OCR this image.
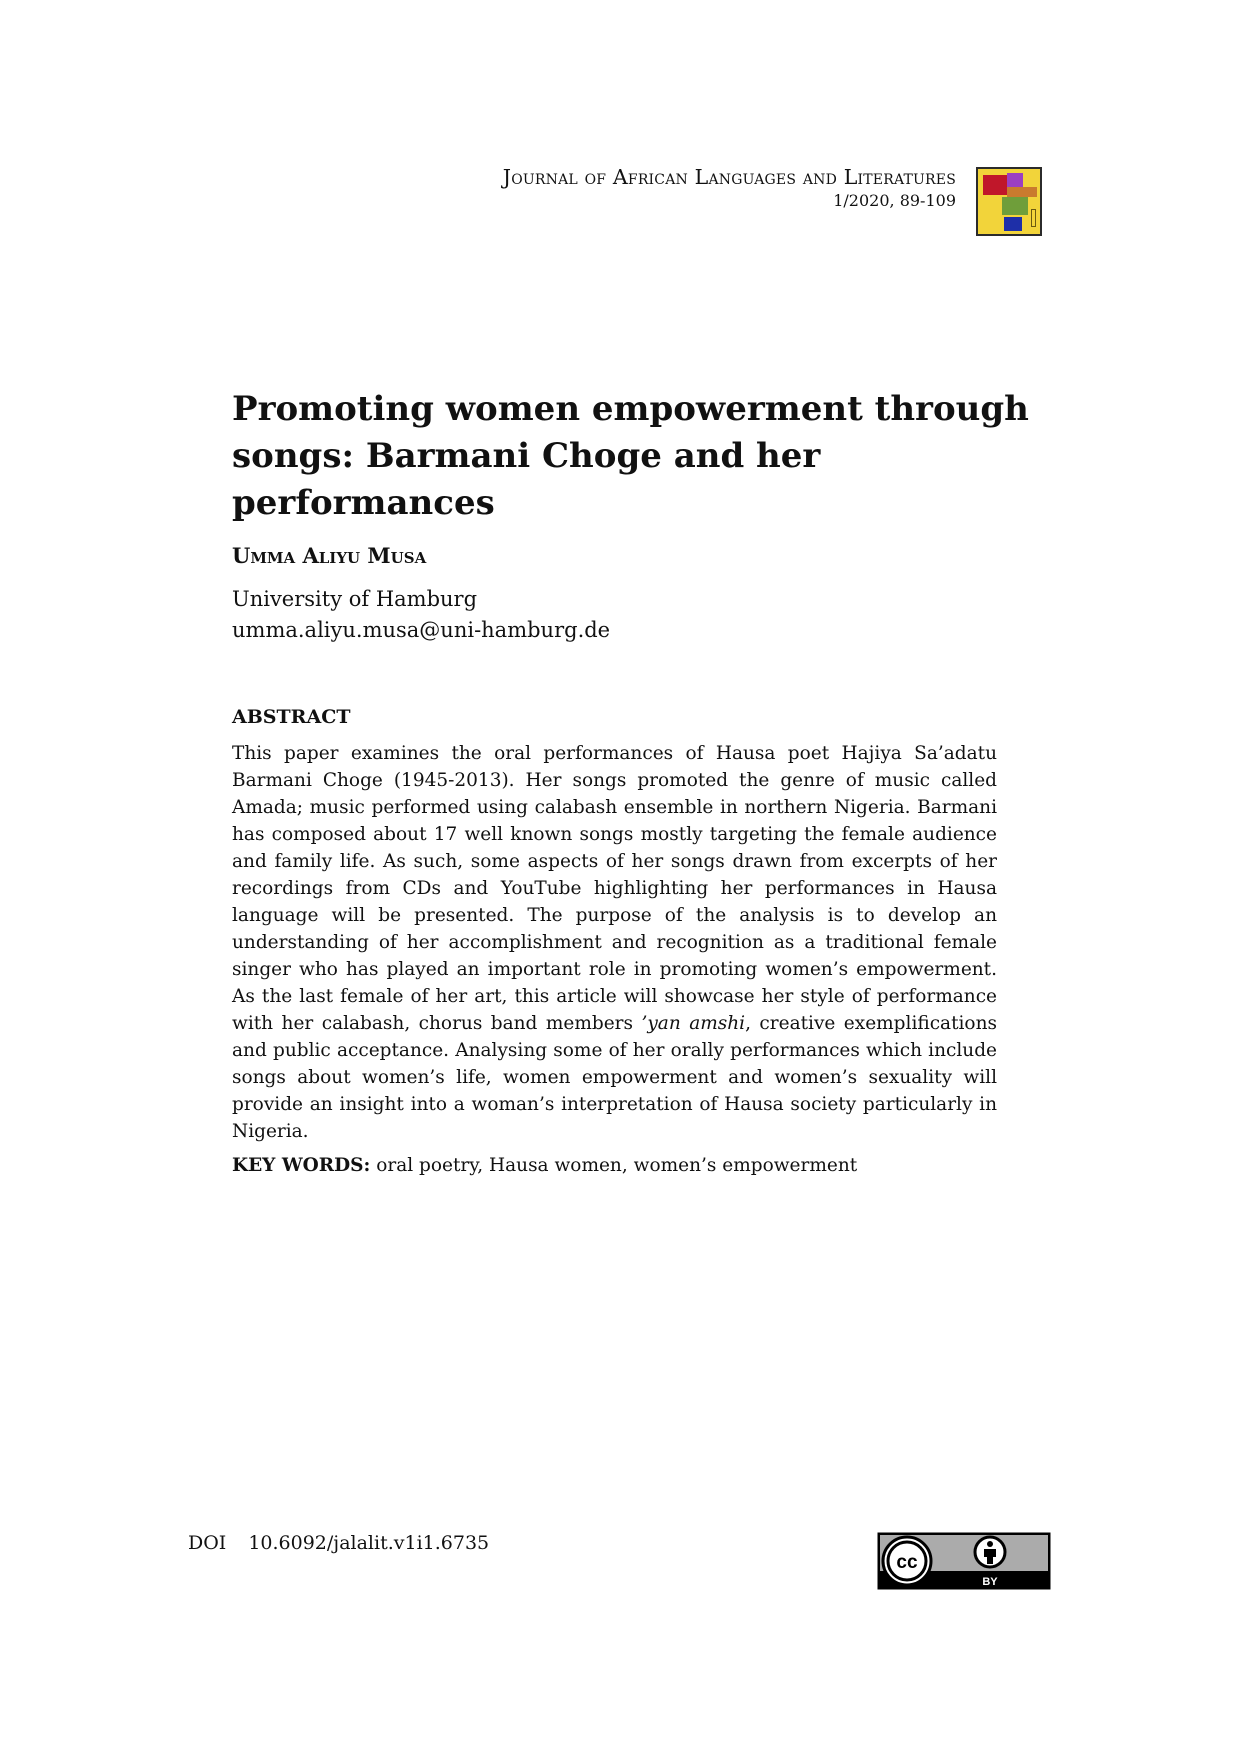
Journal of African Languages and Literatures
1/2020, 89-109
Promoting women empowerment through songs: Barmani Choge and her performances
Umma Aliyu Musa
University of Hamburg
umma.aliyu.musa@uni-hamburg.de
ABSTRACT

This paper examines the oral performances of Hausa poet Hajiya Sa’adatu Barmani Choge (1945-2013). Her songs promoted the genre of music called Amada; music performed using calabash ensemble in northern Nigeria. Barmani has composed about 17 well known songs mostly targeting the female audience and family life. As such, some aspects of her songs drawn from excerpts of her recordings from CDs and YouTube highlighting her performances in Hausa language will be presented. The purpose of the analysis is to develop an understanding of her accomplishment and recognition as a traditional female singer who has played an important role in promoting women’s empowerment. As the last female of her art, this article will showcase her style of performance with her calabash, chorus band members ’yan amshi, creative exemplifications and public acceptance. Analysing some of her orally performances which include songs about women’s life, women empowerment and women’s sexuality will provide an insight into a woman’s interpretation of Hausa society particularly in Nigeria.

KEY WORDS: oral poetry, Hausa women, women’s empowerment
DOI 10.6092/jalalit.v1i1.6735
cc
BY
